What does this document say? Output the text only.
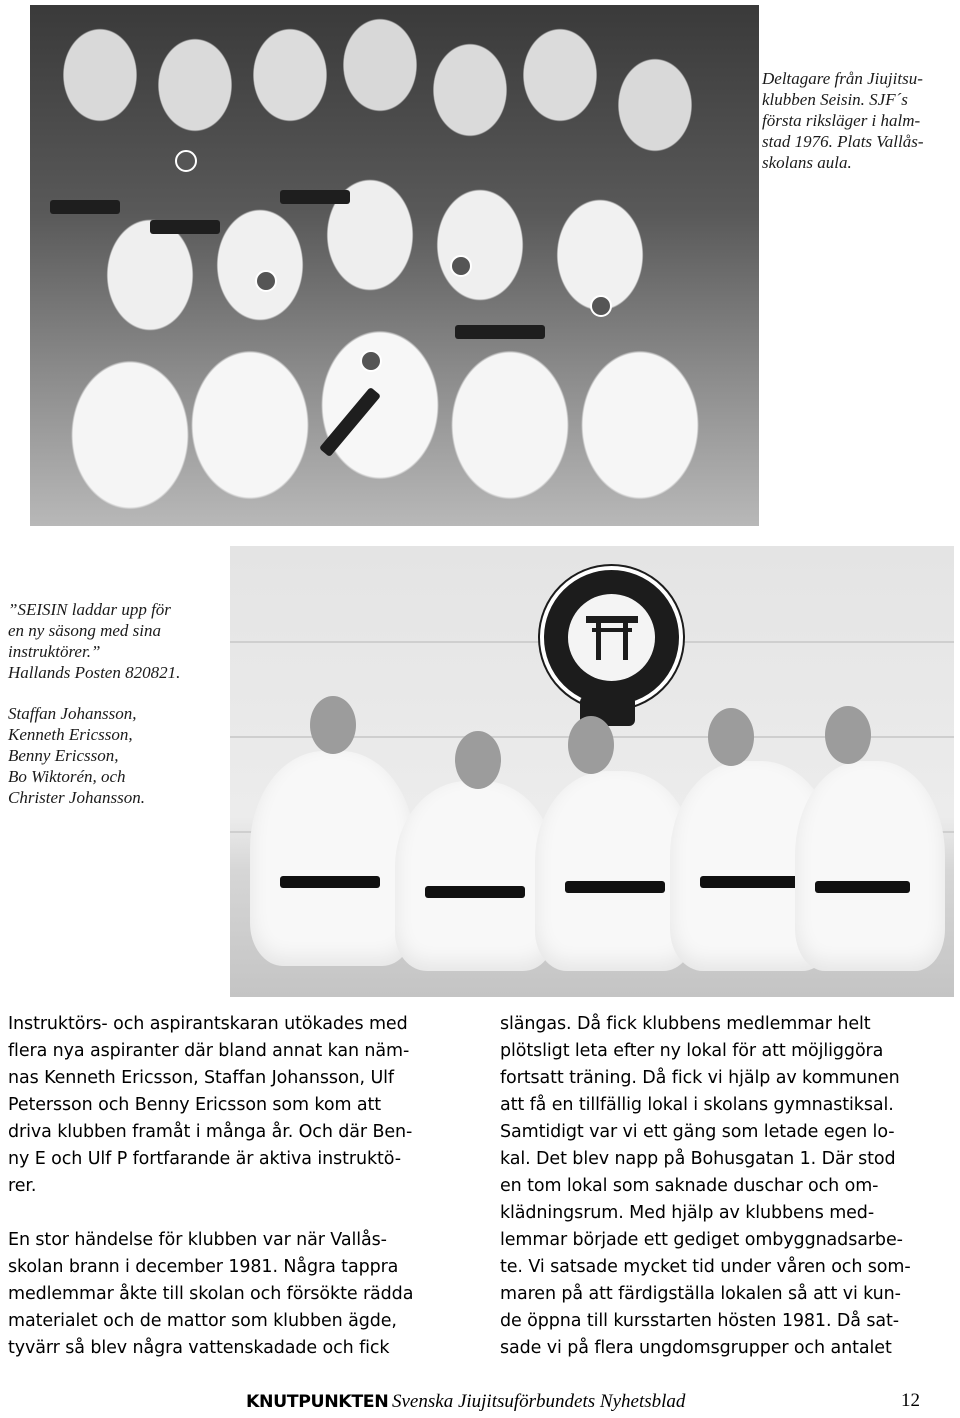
Deltagare från Jiujitsu-
klubben Seisin. SJF´s
första riksläger i halm-
stad 1976. Plats Vallås-
skolans aula.
”SEISIN laddar upp för
en ny säsong med sina
instruktörer.”
Hallands Posten 820821.
Staffan Johansson,
Kenneth Ericsson,
Benny Ericsson,
Bo Wiktorén, och
Christer Johansson.
Instruktörs- och aspirantskaran utökades med
flera nya aspiranter där bland annat kan näm-
nas Kenneth Ericsson, Staffan Johansson, Ulf
Petersson och Benny Ericsson som kom att
driva klubben framåt i många år. Och där Ben-
ny E och Ulf P fortfarande är aktiva instruktö-
rer.
En stor händelse för klubben var när Vallås-
skolan brann i december 1981. Några tappra
medlemmar åkte till skolan och försökte rädda
materialet och de mattor som klubben ägde,
tyvärr så blev några vattenskadade och fick
slängas. Då fick klubbens medlemmar helt
plötsligt leta efter ny lokal för att möjliggöra
fortsatt träning. Då fick vi hjälp av kommunen
att få en tillfällig lokal i skolans gymnastiksal.
Samtidigt var vi ett gäng som letade egen lo-
kal. Det blev napp på Bohusgatan 1. Där stod
en tom lokal som saknade duschar och om-
klädningsrum. Med hjälp av klubbens med-
lemmar började ett gediget ombyggnadsarbe-
te. Vi satsade mycket tid under våren och som-
maren på att färdigställa lokalen så att vi kun-
de öppna till kursstarten hösten 1981. Då sat-
sade vi på flera ungdomsgrupper och antalet
KNUTPUNKTEN Svenska Jiujitsuförbundets Nyhetsblad	12
